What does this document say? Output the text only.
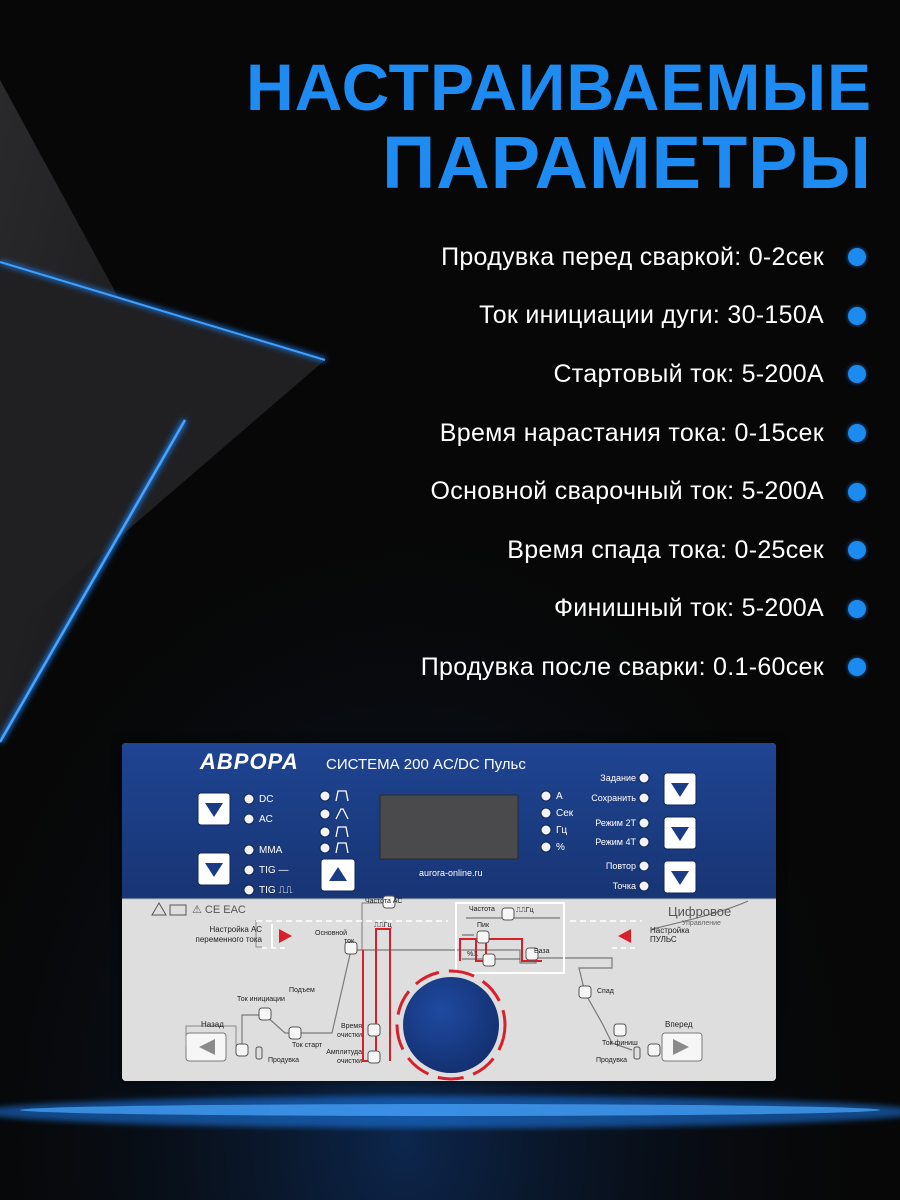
НАСТРАИВАЕМЫЕ
ПАРАМЕТРЫ
Продувка перед сваркой: 0-2сек
Ток инициации дуги: 30-150А
Стартовый ток: 5-200А
Время нарастания тока: 0-15сек
Основной сварочный ток: 5-200А
Время спада тока: 0-25сек
Финишный ток: 5-200А
Продувка после сварки: 0.1-60сек
АВРОРА СИСТЕМА 200 AC/DC Пульс
aurora-online.ru
DC
AC
MMA
TIG —
TIG ⎍⎍
A
Сек
Гц
%
Задание
Сохранить
Режим 2Т
Режим 4Т
Повтор
Точка
⚠ CE EAC	Цифровое
Управление
Настройка АС
переменного тока
Настройка
ПУЛЬС
Частота АС
⎍⎍Гц
Основной
ток
Частота	⎍⎍Гц
Пик
База
%⎍
Подъем
Ток инициации
Ток старт
Время
очистки
Амплитуда
очистки
Спад
Ток финиш
Назад	Вперед
Продувка	Продувка
